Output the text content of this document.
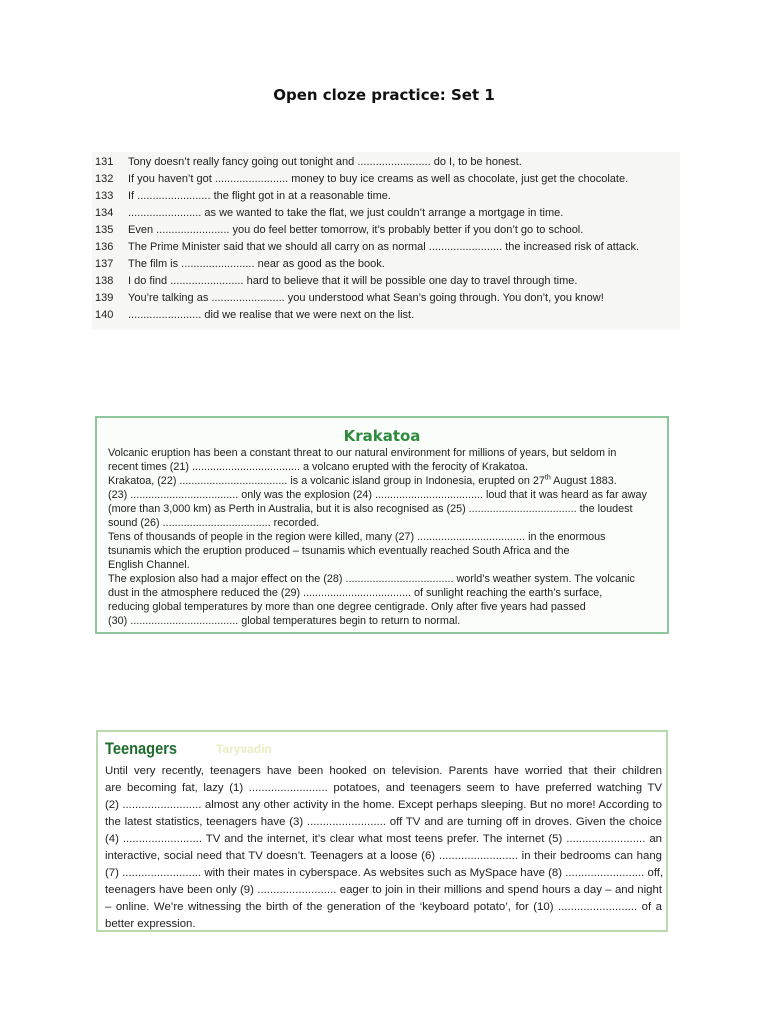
Open cloze practice: Set 1
131	Tony doesn’t really fancy going out tonight and ........................ do I, to be honest.
132	If you haven’t got ........................ money to buy ice creams as well as chocolate, just get the chocolate.
133	If ........................ the flight got in at a reasonable time.
134	........................ as we wanted to take the flat, we just couldn’t arrange a mortgage in time.
135	Even ........................ you do feel better tomorrow, it’s probably better if you don’t go to school.
136	The Prime Minister said that we should all carry on as normal ........................ the increased risk of attack.
137	The film is ........................ near as good as the book.
138	I do find ........................ hard to believe that it will be possible one day to travel through time.
139	You’re talking as ........................ you understood what Sean’s going through. You don’t, you know!
140	........................ did we realise that we were next on the list.
Krakatoa
Volcanic eruption has been a constant threat to our natural environment for millions of years, but seldom in
recent times (21) .................................... a volcano erupted with the ferocity of Krakatoa.
Krakatoa, (22) .................................... is a volcanic island group in Indonesia, erupted on 27th August 1883.
(23) .................................... only was the explosion (24) .................................... loud that it was heard as far away
(more than 3,000 km) as Perth in Australia, but it is also recognised as (25) .................................... the loudest
sound (26) .................................... recorded.
Tens of thousands of people in the region were killed, many (27) .................................... in the enormous
tsunamis which the eruption produced – tsunamis which eventually reached South Africa and the
English Channel.
The explosion also had a major effect on the (28) .................................... world’s weather system. The volcanic
dust in the atmosphere reduced the (29) .................................... of sunlight reaching the earth’s surface,
reducing global temperatures by more than one degree centigrade. Only after five years had passed
(30) .................................... global temperatures begin to return to normal.
Teenagers	Taryvadin
Until very recently, teenagers have been hooked on television. Parents have worried that their children
are becoming fat, lazy (1) ......................... potatoes, and teenagers seem to have preferred watching TV
(2) ......................... almost any other activity in the home. Except perhaps sleeping. But no more! According to
the latest statistics, teenagers have (3) ......................... off TV and are turning off in droves. Given the choice
(4) ......................... TV and the internet, it’s clear what most teens prefer. The internet (5) ......................... an
interactive, social need that TV doesn’t. Teenagers at a loose (6) ......................... in their bedrooms can hang
(7) ......................... with their mates in cyberspace. As websites such as MySpace have (8) ......................... off,
teenagers have been only (9) ......................... eager to join in their millions and spend hours a day – and night
– online. We’re witnessing the birth of the generation of the ‘keyboard potato’, for (10) ......................... of a
better expression.
